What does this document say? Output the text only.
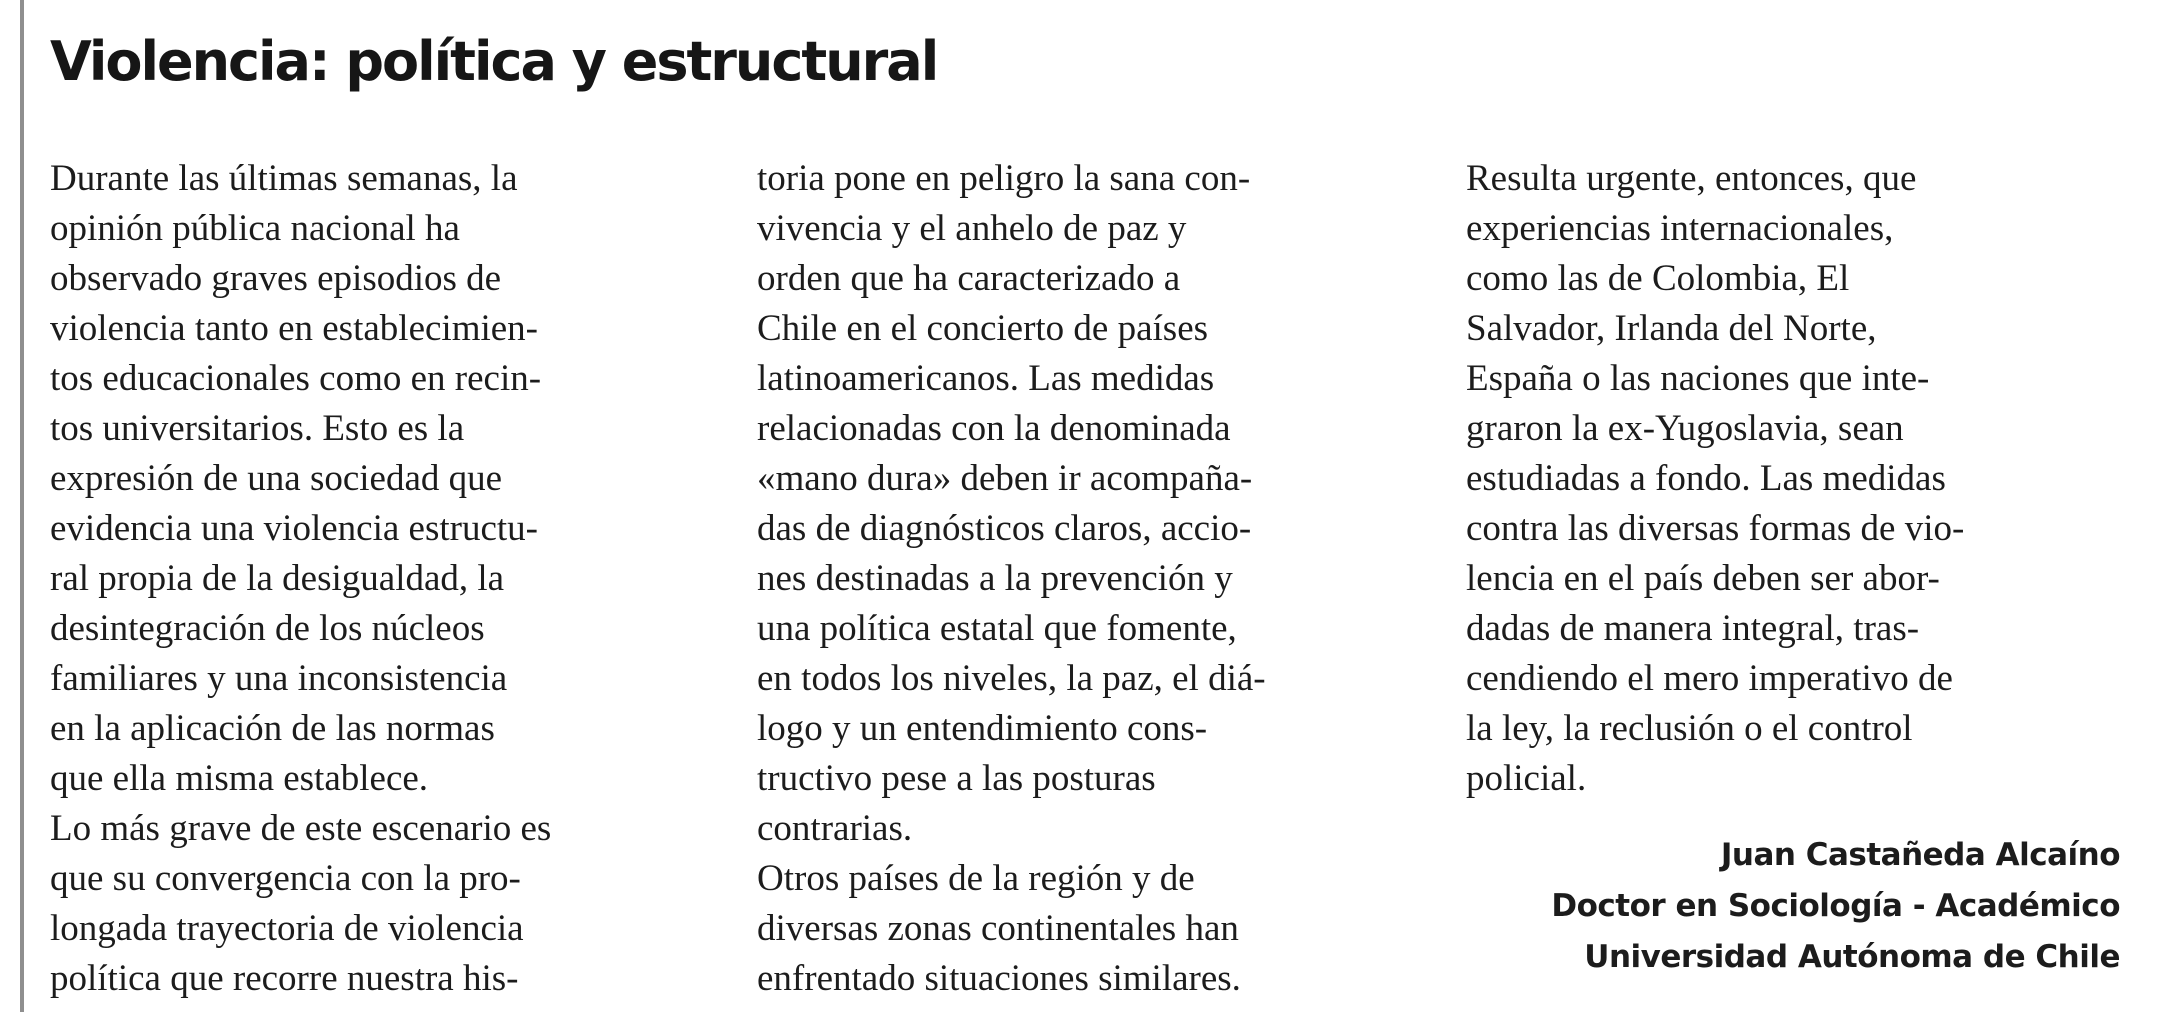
Violencia: política y estructural
Durante las últimas semanas, la
opinión pública nacional ha
observado graves episodios de
violencia tanto en establecimien-
tos educacionales como en recin-
tos universitarios. Esto es la
expresión de una sociedad que
evidencia una violencia estructu-
ral propia de la desigualdad, la
desintegración de los núcleos
familiares y una inconsistencia
en la aplicación de las normas
que ella misma establece.
Lo más grave de este escenario es
que su convergencia con la pro-
longada trayectoria de violencia
política que recorre nuestra his-
toria pone en peligro la sana con-
vivencia y el anhelo de paz y
orden que ha caracterizado a
Chile en el concierto de países
latinoamericanos. Las medidas
relacionadas con la denominada
«mano dura» deben ir acompaña-
das de diagnósticos claros, accio-
nes destinadas a la prevención y
una política estatal que fomente,
en todos los niveles, la paz, el diá-
logo y un entendimiento cons-
tructivo pese a las posturas
contrarias.
Otros países de la región y de
diversas zonas continentales han
enfrentado situaciones similares.
Resulta urgente, entonces, que
experiencias internacionales,
como las de Colombia, El
Salvador, Irlanda del Norte,
España o las naciones que inte-
graron la ex-Yugoslavia, sean
estudiadas a fondo. Las medidas
contra las diversas formas de vio-
lencia en el país deben ser abor-
dadas de manera integral, tras-
cendiendo el mero imperativo de
la ley, la reclusión o el control
policial.
Juan Castañeda Alcaíno
Doctor en Sociología - Académico
Universidad Autónoma de Chile
